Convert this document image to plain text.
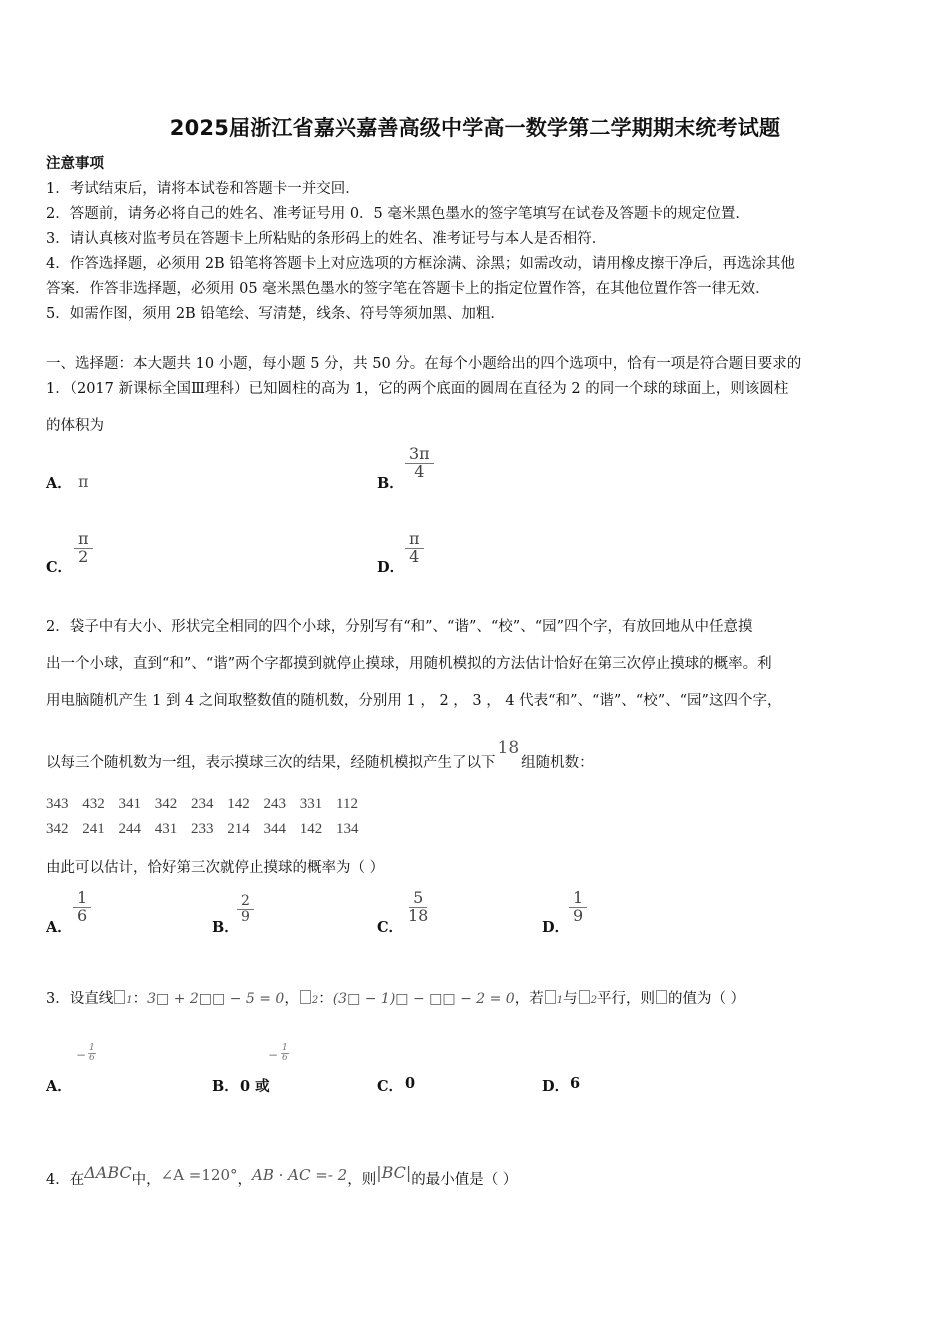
2025届浙江省嘉兴嘉善高级中学高一数学第二学期期末统考试题
注意事项
1．考试结束后，请将本试卷和答题卡一并交回．
2．答题前，请务必将自己的姓名、准考证号用 0．5 毫米黑色墨水的签字笔填写在试卷及答题卡的规定位置．
3．请认真核对监考员在答题卡上所粘贴的条形码上的姓名、准考证号与本人是否相符．
4．作答选择题，必须用 2B 铅笔将答题卡上对应选项的方框涂满、涂黑；如需改动，请用橡皮擦干净后，再选涂其他
答案．作答非选择题，必须用 05 毫米黑色墨水的签字笔在答题卡上的指定位置作答，在其他位置作答一律无效．
5．如需作图，须用 2B 铅笔绘、写清楚，线条、符号等须加黑、加粗．
一、选择题：本大题共 10 小题，每小题 5 分，共 50 分。在每个小题给出的四个选项中，恰有一项是符合题目要求的
1．（2017 新课标全国Ⅲ理科）已知圆柱的高为 1，它的两个底面的圆周在直径为 2 的同一个球的球面上，则该圆柱
的体积为
A． π	B．
$\frac{3\pi}{4}$
C．
$\frac{\pi}{2}$
D．
$\frac{\pi}{4}$
2．袋子中有大小、形状完全相同的四个小球，分别写有“和”、“谐”、“校”、“园”四个字，有放回地从中任意摸
出一个小球，直到“和”、“谐”两个字都摸到就停止摸球，用随机模拟的方法估计恰好在第三次停止摸球的概率。利
用电脑随机产生 1 到 4 之间取整数值的随机数，分别用 1 ， 2 ， 3 ， 4 代表“和”、“谐”、“校”、“园”这四个字，
以每三个随机数为一组，表示摸球三次的结果，经随机模拟产生了以下18组随机数：
343 432 341 342 234 142 243 331 112
342 241 244 431 233 214 344 142 134
由此可以估计，恰好第三次就停止摸球的概率为（ ）
A．
$\frac{1}{6}$
B．
$\frac{2}{9}$
C．
$\frac{5}{18}$
D．
$\frac{1}{9}$
3．设直线 1：3□ + 2□□ − 5 = 0， 2：(3□ − 1)□ − □□ − 2 = 0，若 1与 2平行，则 的值为（ ）
A．
− $\frac{1}{6}$
B． 0 或
− $\frac{1}{6}$
C． 0	D． 6
4．在ΔABC中，∠A =120°，AB · AC =- 2，则|BC|的最小值是（ ）
